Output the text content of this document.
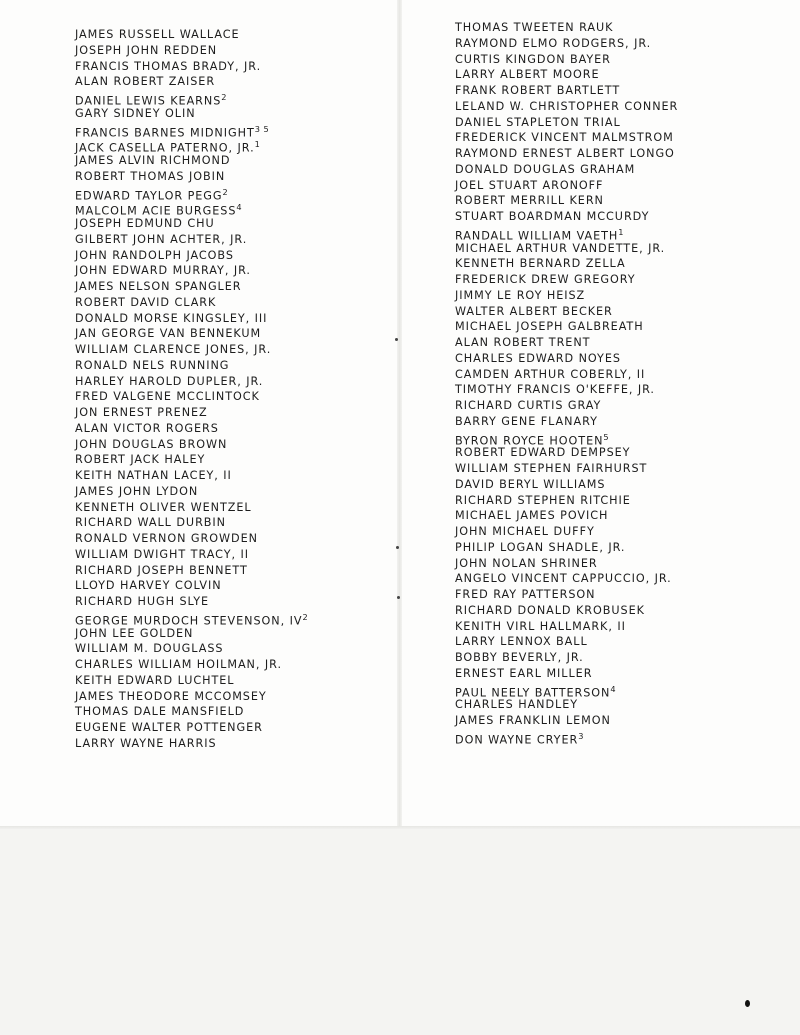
JAMES RUSSELL WALLACE
JOSEPH JOHN REDDEN
FRANCIS THOMAS BRADY, JR.
ALAN ROBERT ZAISER
DANIEL LEWIS KEARNS$^2$
GARY SIDNEY OLIN
FRANCIS BARNES $MIDNIGHT^{3 5}$
JACK CASELLA PATERNO, JR.$^1$
JAMES ALVIN RICHMOND
ROBERT THOMAS JOBIN
EDWARD TAYLOR PEGG$^2$
MALCOLM ACIE BURGESS$^4$
JOSEPH EDMUND CHU
GILBERT JOHN ACHTER, JR.
JOHN RANDOLPH JACOBS
JOHN EDWARD MURRAY, JR.
JAMES NELSON SPANGLER
ROBERT DAVID CLARK
DONALD MORSE KINGSLEY, III
JAN GEORGE VAN BENNEKUM
WILLIAM CLARENCE JONES, JR.
RONALD NELS RUNNING
HARLEY HAROLD DUPLER, JR.
FRED VALGENE MCCLINTOCK
JON ERNEST PRENEZ
ALAN VICTOR ROGERS
JOHN DOUGLAS BROWN
ROBERT JACK HALEY
KEITH NATHAN LACEY, II
JAMES JOHN LYDON
KENNETH OLIVER WENTZEL
RICHARD WALL DURBIN
RONALD VERNON GROWDEN
WILLIAM DWIGHT TRACY, II
RICHARD JOSEPH BENNETT
LLOYD HARVEY COLVIN
RICHARD HUGH SLYE
GEORGE MURDOCH STEVENSON, $IV^2$
JOHN LEE GOLDEN
WILLIAM M. DOUGLASS
CHARLES WILLIAM HOILMAN, JR.
KEITH EDWARD LUCHTEL
JAMES THEODORE MCCOMSEY
THOMAS DALE MANSFIELD
EUGENE WALTER POTTENGER
LARRY WAYNE HARRIS
THOMAS TWEETEN RAUK
RAYMOND ELMO RODGERS, JR.
CURTIS KINGDON BAYER
LARRY ALBERT MOORE
FRANK ROBERT BARTLETT
LELAND W. CHRISTOPHER CONNER
DANIEL STAPLETON TRIAL
FREDERICK VINCENT MALMSTROM
RAYMOND ERNEST ALBERT LONGO
DONALD DOUGLAS GRAHAM
JOEL STUART ARONOFF
ROBERT MERRILL KERN
STUART BOARDMAN MCCURDY
RANDALL WILLIAM VAETH$^1$
MICHAEL ARTHUR VANDETTE, JR.
KENNETH BERNARD ZELLA
FREDERICK DREW GREGORY
JIMMY LE ROY HEISZ
WALTER ALBERT BECKER
MICHAEL JOSEPH GALBREATH
ALAN ROBERT TRENT
CHARLES EDWARD NOYES
CAMDEN ARTHUR COBERLY, II
TIMOTHY FRANCIS O'KEFFE, JR.
RICHARD CURTIS GRAY
BARRY GENE FLANARY
BYRON ROYCE HOOTEN$^5$
ROBERT EDWARD DEMPSEY
WILLIAM STEPHEN FAIRHURST
DAVID BERYL WILLIAMS
RICHARD STEPHEN RITCHIE
MICHAEL JAMES POVICH
JOHN MICHAEL DUFFY
PHILIP LOGAN SHADLE, JR.
JOHN NOLAN SHRINER
ANGELO VINCENT CAPPUCCIO, JR.
FRED RAY PATTERSON
RICHARD DONALD KROBUSEK
KENITH VIRL HALLMARK, II
LARRY LENNOX BALL
BOBBY BEVERLY, JR.
ERNEST EARL MILLER
PAUL NEELY BATTERSON$^4$
CHARLES HANDLEY
JAMES FRANKLIN LEMON
DON WAYNE CRYER$^3$
